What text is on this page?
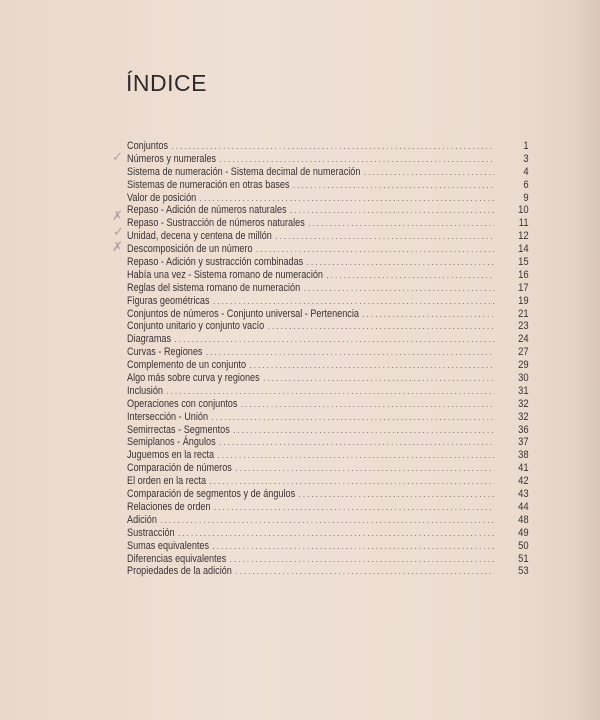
ÍNDICE
✓
✗
✓
✗
Conjuntos . . .	1
Números y numerales . . .	3
Sistema de numeración - Sistema decimal de numeración . . .	4
Sistemas de numeración en otras bases . . .	6
Valor de posición . . .	9
Repaso - Adición de números naturales . . .	10
Repaso - Sustracción de números naturales . . .	11
Unidad, decena y centena de millón . . .	12
Descomposición de un número . . .	14
Repaso - Adición y sustracción combinadas . . .	15
Había una vez - Sistema romano de numeración . . .	16
Reglas del sistema romano de numeración . . .	17
Figuras geométricas . . .	19
Conjuntos de números - Conjunto universal - Pertenencia . . .	21
Conjunto unitario y conjunto vacío . . .	23
Diagramas . . .	24
Curvas - Regiones . . .	27
Complemento de un conjunto . . .	29
Algo más sobre curva y regiones . . .	30
Inclusión . . .	31
Operaciones con conjuntos . . .	32
Intersección - Unión . . .	32
Semirrectas - Segmentos . . .	36
Semiplanos - Ángulos . . .	37
Juguemos en la recta . . .	38
Comparación de números . . .	41
El orden en la recta . . .	42
Comparación de segmentos y de ángulos . . .	43
Relaciones de orden . . .	44
Adición . . .	48
Sustracción . . .	49
Sumas equivalentes . . .	50
Diferencias equivalentes . . .	51
Propiedades de la adición . . .	53
